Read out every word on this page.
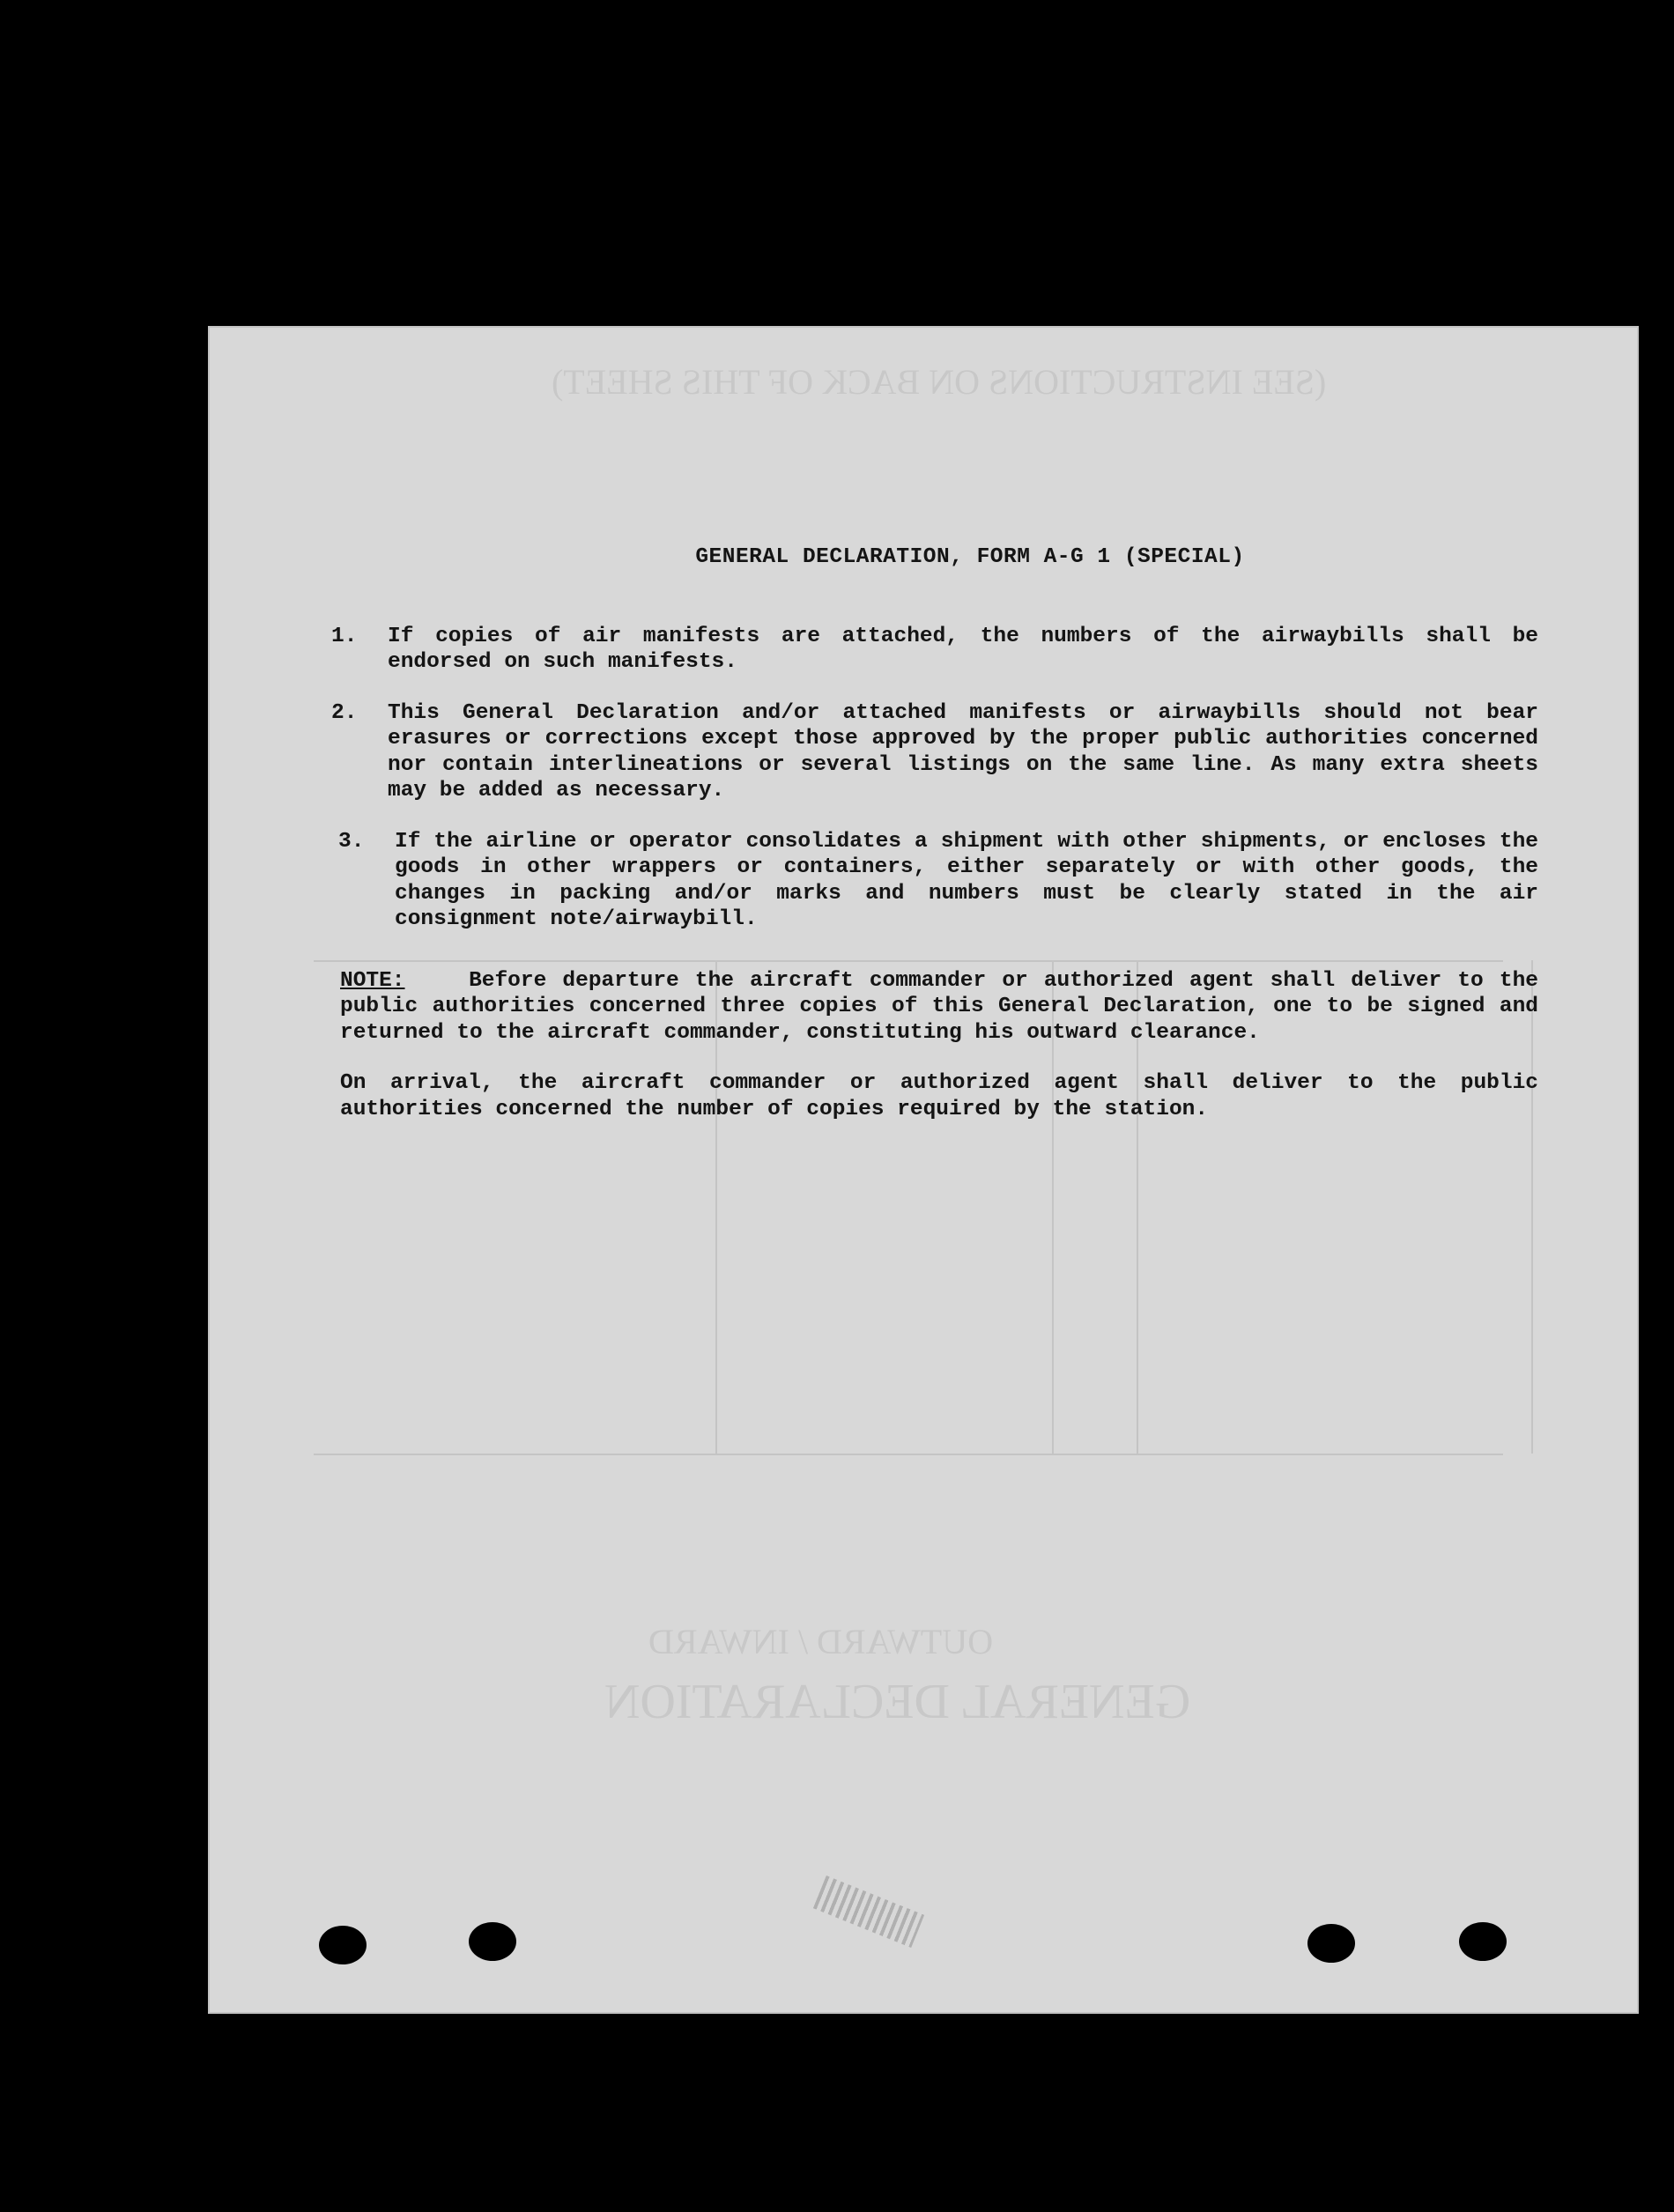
(SEE INSTRUCTIONS ON BACK OF THIS SHEET)
GENERAL DECLARATION
OUTWARD / INWARD
GENERAL DECLARATION, FORM A-G 1 (SPECIAL)
1. If copies of air manifests are attached, the numbers of the airwaybills shall be endorsed on such manifests.
2. This General Declaration and/or attached manifests or airwaybills should not bear erasures or corrections except those approved by the proper public authorities concerned nor contain interlineations or several listings on the same line. As many extra sheets may be added as necessary.
3. If the airline or operator consolidates a shipment with other shipments, or encloses the goods in other wrappers or containers, either separately or with other goods, the changes in packing and/or marks and numbers must be clearly stated in the air consignment note/airwaybill.
NOTE:	Before departure the aircraft commander or authorized agent shall deliver to the public authorities concerned three copies of this General Declaration, one to be signed and returned to the aircraft commander, constituting his outward clearance.
On arrival, the aircraft commander or authorized agent shall deliver to the public authorities concerned the number of copies required by the station.
